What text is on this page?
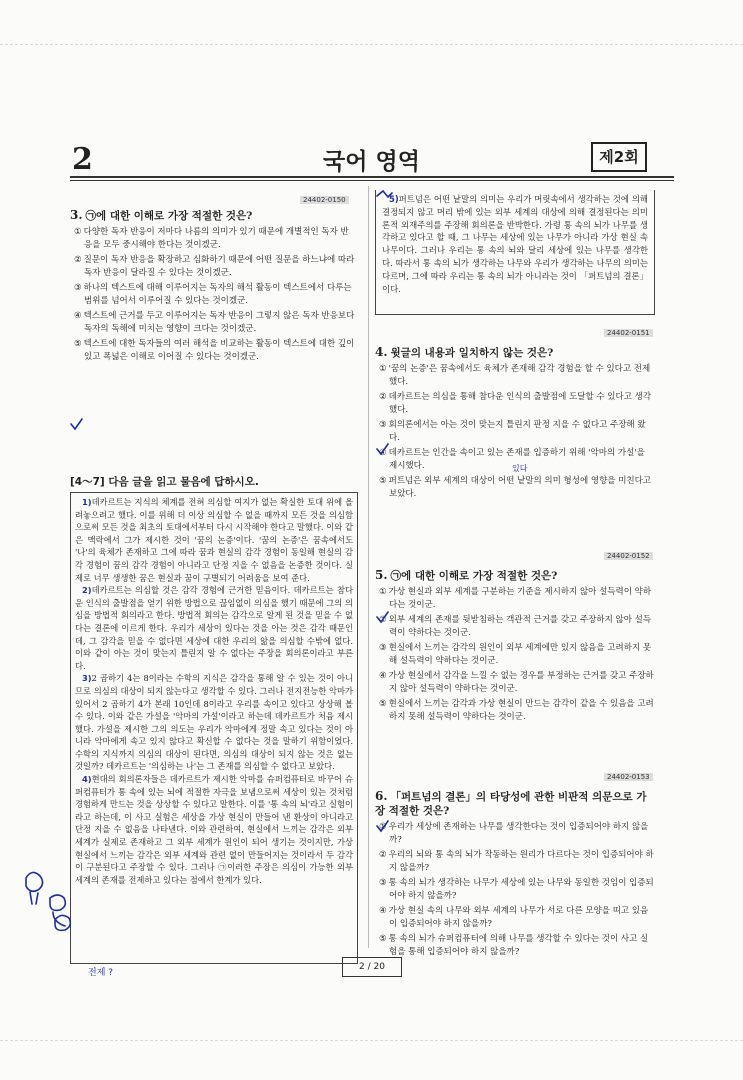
2	국어 영역	제2회
24402-0150
3. ㉠에 대한 이해로 가장 적절한 것은?
① 다양한 독자 반응이 저마다 나름의 의미가 있기 때문에 개별적인 독자 반응을 모두 중시해야 한다는 것이겠군.
② 질문이 독자 반응을 확장하고 심화하기 때문에 어떤 질문을 하느냐에 따라 독자 반응이 달라질 수 있다는 것이겠군.
③ 하나의 텍스트에 대해 이루어지는 독자의 해석 활동이 텍스트에서 다루는 범위를 넘어서 이루어질 수 있다는 것이겠군.
④ 텍스트에 근거를 두고 이루어지는 독자 반응이 그렇지 않은 독자 반응보다 독자의 독해에 미치는 영향이 크다는 것이겠군.
⑤ 텍스트에 대한 독자들의 여러 해석을 비교하는 활동이 텍스트에 대한 깊이 있고 폭넓은 이해로 이어질 수 있다는 것이겠군.
[4～7] 다음 글을 읽고 물음에 답하시오.

1)데카르트는 지식의 체계를 전혀 의심할 여지가 없는 확실한 토대 위에 올려놓으려고 했다. 이를 위해 더 이상 의심할 수 없을 때까지 모든 것을 의심함으로써 모든 것을 최초의 토대에서부터 다시 시작해야 한다고 말했다. 이와 같은 맥락에서 그가 제시한 것이 '꿈의 논증'이다. '꿈의 논증'은 꿈속에서도 '나'의 육체가 존재하고 그에 따라 꿈과 현실의 감각 경험이 동일해 현실의 감각 경험이 꿈의 감각 경험이 아니라고 단정 지을 수 없음을 논증한 것이다. 실제로 너무 생생한 꿈은 현실과 꿈이 구별되기 어려움을 보여 준다.

2)데카르트는 의심할 것은 감각 경험에 근거한 믿음이다. 데카르트는 참다운 인식의 출발점을 얻기 위한 방법으로 끊임없이 의심을 했기 때문에 그의 의심을 방법적 회의라고 한다. 방법적 회의는 감각으로 알게 된 것을 믿을 수 없다는 결론에 이르게 한다. 우리가 세상이 있다는 것을 아는 것은 감각 때문인데, 그 감각을 믿을 수 없다면 세상에 대한 우리의 앎을 의심할 수밖에 없다. 이와 같이 아는 것이 맞는지 틀린지 알 수 없다는 주장을 회의론이라고 부른다.

3)2 곱하기 4는 8이라는 수학의 지식은 감각을 통해 알 수 있는 것이 아니므로 의심의 대상이 되지 않는다고 생각할 수 있다. 그러나 전지전능한 악마가 있어서 2 곱하기 4가 본래 10인데 8이라고 우리를 속이고 있다고 상상해 볼 수 있다. 이와 같은 가설을 '악마의 가설'이라고 하는데 데카르트가 처음 제시했다. 가설을 제시한 그의 의도는 우리가 악마에게 정말 속고 있다는 것이 아니라 악마에게 속고 있지 않다고 확신할 수 없다는 것을 말하기 위함이었다. 수학의 지식까지 의심의 대상이 된다면, 의심의 대상이 되지 않는 것은 없는 것일까? 데카르트는 '의심하는 나'는 그 존재를 의심할 수 없다고 보았다.

4)현대의 회의론자들은 데카르트가 제시한 악마를 슈퍼컴퓨터로 바꾸어 슈퍼컴퓨터가 통 속에 있는 뇌에 적절한 자극을 보냄으로써 세상이 있는 것처럼 경험하게 만드는 것을 상상할 수 있다고 말한다. 이를 '통 속의 뇌'라고 실험이라고 하는데, 이 사고 실험은 세상을 가상 현실이 만들어 낸 환상이 아니라고 단정 지을 수 없음을 나타낸다. 이와 관련하여, 현실에서 느끼는 감각은 외부 세계가 실제로 존재하고 그 외부 세계가 원인이 되어 생기는 것이지만, 가상 현실에서 느끼는 감각은 외부 세계와 관련 없이 만들어지는 것이라서 두 감각이 구분된다고 주장할 수 있다. 그러나 ㉠이러한 주장은 의심이 가능한 외부 세계의 존재를 전제하고 있다는 점에서 한계가 있다.

5)퍼트넘은 어떤 낱말의 의미는 우리가 머릿속에서 생각하는 것에 의해 결정되지 않고 머리 밖에 있는 외부 세계의 대상에 의해 결정된다는 의미론적 외재주의를 주장해 회의론을 반박한다. 가령 통 속의 뇌가 나무를 생각하고 있다고 할 때, 그 나무는 세상에 있는 나무가 아니라 가상 현실 속 나무이다. 그러나 우리는 통 속의 뇌와 달리 세상에 있는 나무를 생각한다. 따라서 통 속의 뇌가 생각하는 나무와 우리가 생각하는 나무의 의미는 다르며, 그에 따라 우리는 통 속의 뇌가 아니라는 것이 「퍼트넘의 결론」이다.

24402-0151
4. 윗글의 내용과 일치하지 않는 것은?
① '꿈의 논증'은 꿈속에서도 육체가 존재해 감각 경험을 할 수 있다고 전제했다.
② 데카르트는 의심을 통해 참다운 인식의 출발점에 도달할 수 있다고 생각했다.
③ 회의론에서는 아는 것이 맞는지 틀린지 판정 지을 수 없다고 주장해 왔다.
④ 데카르트는 인간을 속이고 있는 존재를 입증하기 위해 '악마의 가설'을 제시했다.
⑤ 퍼트넘은 외부 세계의 대상이 어떤 낱말의 의미 형성에 영향을 미친다고 보았다.
24402-0152
5. ㉠에 대한 이해로 가장 적절한 것은?
① 가상 현실과 외부 세계를 구분하는 기준을 제시하지 않아 설득력이 약하다는 것이군.
② 외부 세계의 존재를 뒷받침하는 객관적 근거를 갖고 주장하지 않아 설득력이 약하다는 것이군.
③ 현실에서 느끼는 감각의 원인이 외부 세계에만 있지 않음을 고려하지 못해 설득력이 약하다는 것이군.
④ 가상 현실에서 감각을 느낄 수 없는 경우를 부정하는 근거를 갖고 주장하지 않아 설득력이 약하다는 것이군.
⑤ 현실에서 느끼는 감각과 가상 현실이 만드는 감각이 같을 수 있음을 고려하지 못해 설득력이 약하다는 것이군.
24402-0153
6. 「퍼트넘의 결론」의 타당성에 관한 비판적 의문으로 가장 적절한 것은?
① 우리가 세상에 존재하는 나무를 생각한다는 것이 입증되어야 하지 않을까?
② 우리의 뇌와 통 속의 뇌가 작동하는 원리가 다르다는 것이 입증되어야 하지 않을까?
③ 통 속의 뇌가 생각하는 나무가 세상에 있는 나무와 동일한 것임이 입증되어야 하지 않을까?
④ 가상 현실 속의 나무와 외부 세계의 나무가 서로 다른 모양을 띠고 있음이 입증되어야 하지 않을까?
⑤ 통 속의 뇌가 슈퍼컴퓨터에 의해 나무를 생각할 수 있다는 것이 사고 실험을 통해 입증되어야 하지 않을까?
있다
전제 ?
2 / 20
